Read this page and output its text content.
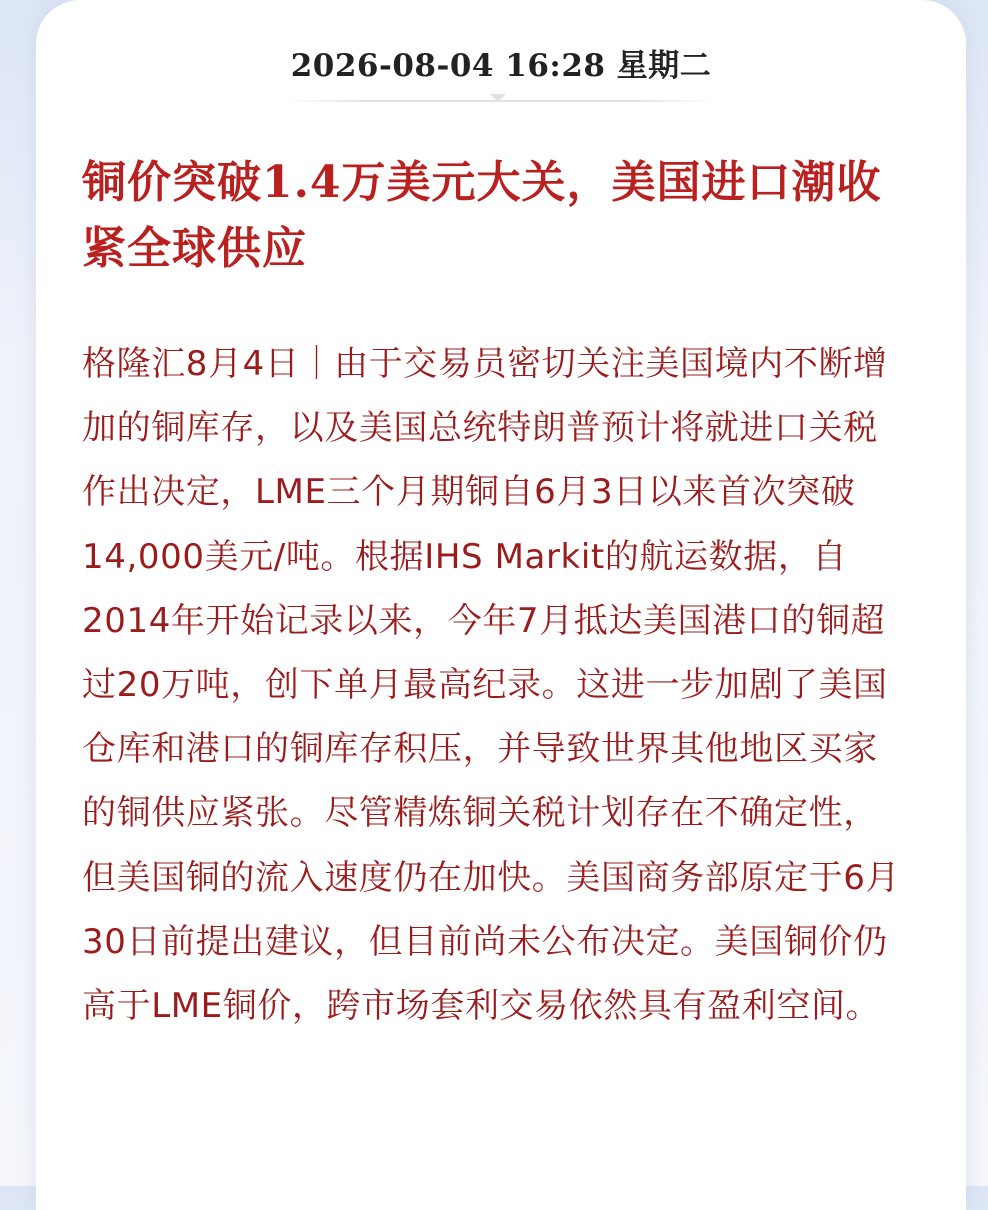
2026-08-04 16:28 星期二
铜价突破1.4万美元大关，美国进口潮收紧全球供应

格隆汇8月4日｜由于交易员密切关注美国境内不断增加的铜库存，以及美国总统特朗普预计将就进口关税作出决定，LME三个月期铜自6月3日以来首次突破14,000美元/吨。根据IHS Markit的航运数据，自2014年开始记录以来，今年7月抵达美国港口的铜超过20万吨，创下单月最高纪录。这进一步加剧了美国仓库和港口的铜库存积压，并导致世界其他地区买家的铜供应紧张。尽管精炼铜关税计划存在不确定性，但美国铜的流入速度仍在加快。美国商务部原定于6月30日前提出建议，但目前尚未公布决定。美国铜价仍高于LME铜价，跨市场套利交易依然具有盈利空间。
